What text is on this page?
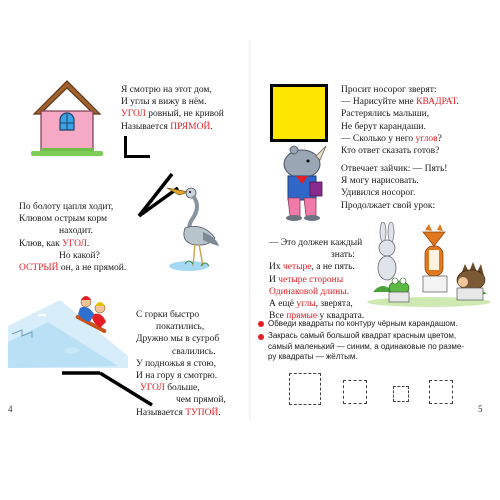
Я смотрю на этот дом,
И углы я вижу в нём.
УГОЛ ровный, не кривой
Называется ПРЯМОЙ.
По болоту цапля ходит,
Клювом острым корм
находит.
Клюв, как УГОЛ.
Но какой?
ОСТРЫЙ он, а не прямой.
С горки быстро
покатились,
Дружно мы в сугроб
свалились.
У подножья я стою,
И на гору я смотрю.
УГОЛ больше,
чем прямой,
Называется ТУПОЙ.
4
Просит носорог зверят:
— Нарисуйте мне КВАДРАТ.
Растерялись малыши,
Не берут карандаши.
— Сколько у него углов?
Кто ответ сказать готов?
Отвечает зайчик: — Пять!
Я могу нарисовать.
Удивился носорог.
Продолжает свой урок:
— Это должен каждый
знать:
Их четыре, а не пять.
И четыре стороны
Одинаковой длины.
А ещё углы, зверята,
Все прямые у квадрата.
Обведи квадраты по контуру чёрным карандашом.
Закрась самый большой квадрат красным цветом,
самый маленький — синим, а одинаковые по разме-
ру квадраты — жёлтым.
5
